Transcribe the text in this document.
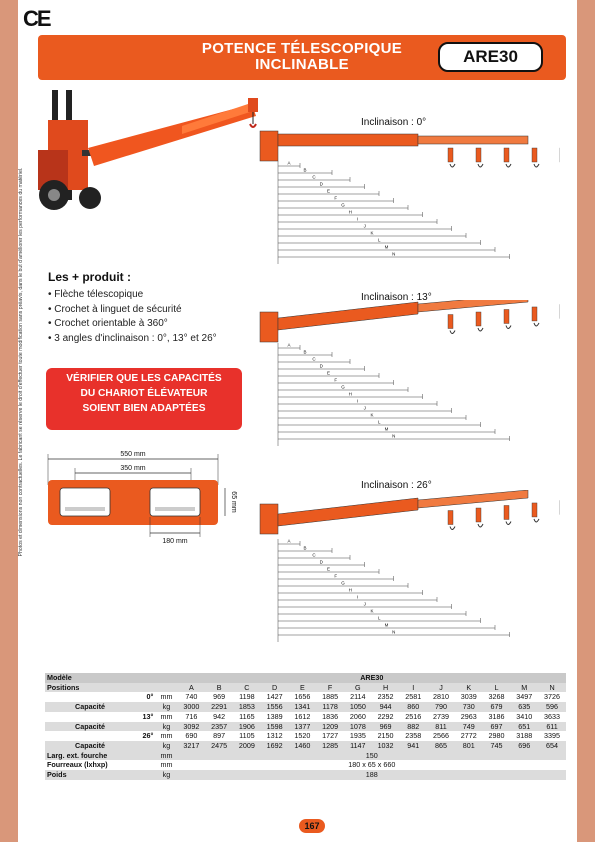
CE
POTENCE TÉLESCOPIQUE
INCLINABLE	ARE30
Photos et dimensions non contractuelles. Le fabricant se réserve le droit d'effectuer toute modification sans préavis, dans le but d'améliorer les performances du matériel. Les + produit :
• Flèche télescopique
• Crochet à linguet de sécurité
• Crochet orientable à 360°
• 3 angles d'inclinaison : 0°, 13° et 26°
VÉRIFIER QUE LES CAPACITÉS
DU CHARIOT ÉLÉVATEUR
SOIENT BIEN ADAPTÉES
550 mm
350 mm
65 mm
180 mm
Inclinaison : 0°
A
B
C
D
E
F
G
H
I
J
K
L
M
N
Inclinaison : 13°
A
B
C
D
E
F
G
H
I
J
K
L
M
N
Inclinaison : 26°
A
B
C
D
E
F
G
H
I
J
K
L
M
N
Modèle			ARE30													
Positions			A	B	C	D	E	F	G	H	I	J	K	L	M	N
	0°	mm	740	969	1198	1427	1656	1885	2114	2352	2581	2810	3039	3268	3497	3726
Capacité		kg	3000	2291	1853	1556	1341	1178	1050	944	860	790	730	679	635	596
	13°	mm	716	942	1165	1389	1612	1836	2060	2292	2516	2739	2963	3186	3410	3633
Capacité		kg	3092	2357	1906	1598	1377	1209	1078	969	882	811	749	697	651	611
	26°	mm	690	897	1105	1312	1520	1727	1935	2150	2358	2566	2772	2980	3188	3395
Capacité		kg	3217	2475	2009	1692	1460	1285	1147	1032	941	865	801	745	696	654
Larg. ext. fourche		mm	150													
Fourreaux (lxhxp)		mm	180 x 65 x 660													
Poids		kg	188													
167
